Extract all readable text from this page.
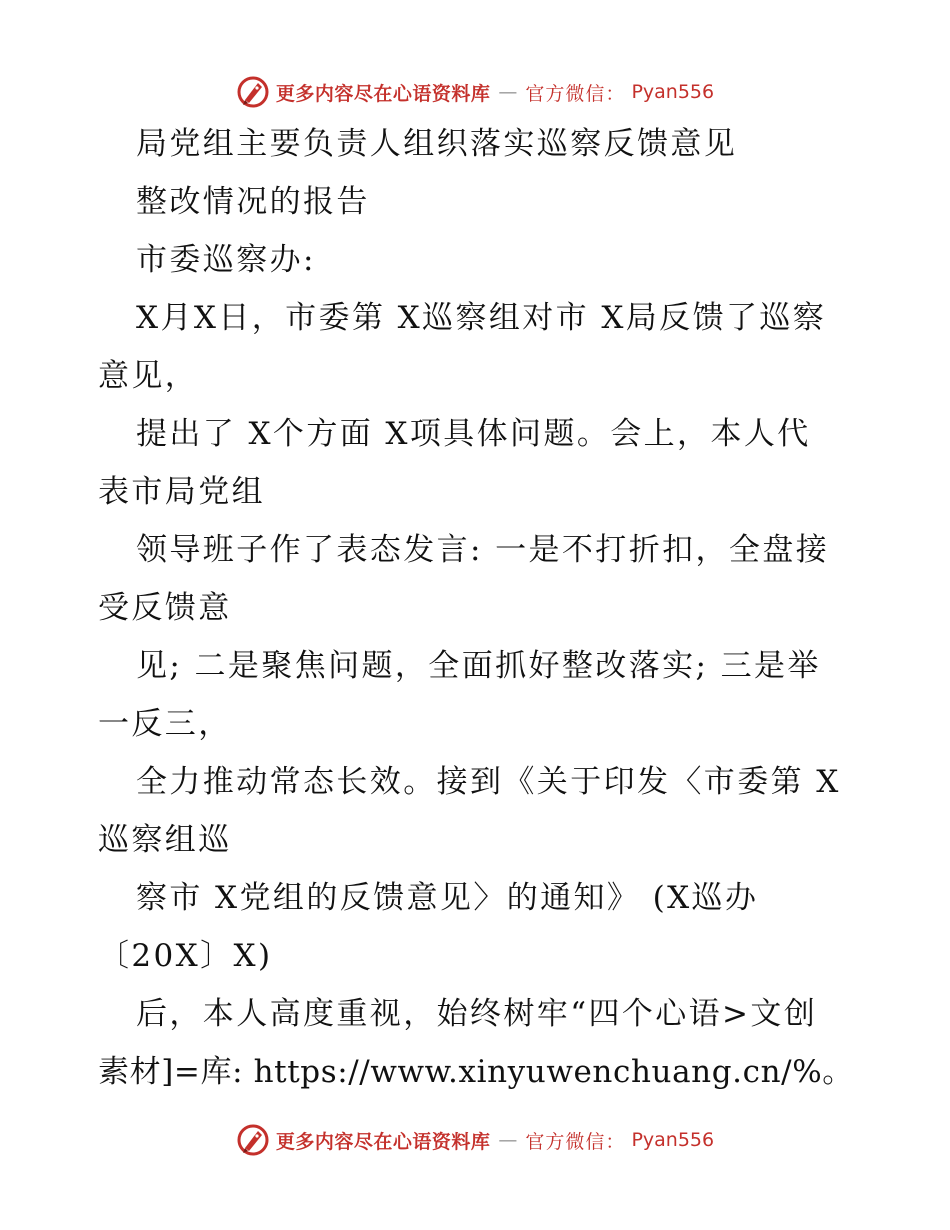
更多内容尽在心语资料库 — 官方微信： Pyan556
局党组主要负责人组织落实巡察反馈意见
整改情况的报告
市委巡察办:
X月X日，市委第 X巡察组对市 X局反馈了巡察
意见，
提出了 X个方面 X项具体问题。会上，本人代
表市局党组
领导班子作了表态发言: 一是不打折扣，全盘接
受反馈意
见; 二是聚焦问题，全面抓好整改落实; 三是举
一反三，
全力推动常态长效。接到《关于印发〈市委第 X
巡察组巡
察市 X党组的反馈意见〉的通知》 (X巡办
〔20X〕X)
后，本人高度重视，始终树牢“四个心语>文创
素材]=库: https://www.xinyuwenchuang.cn/%。
更多内容尽在心语资料库 — 官方微信： Pyan556
